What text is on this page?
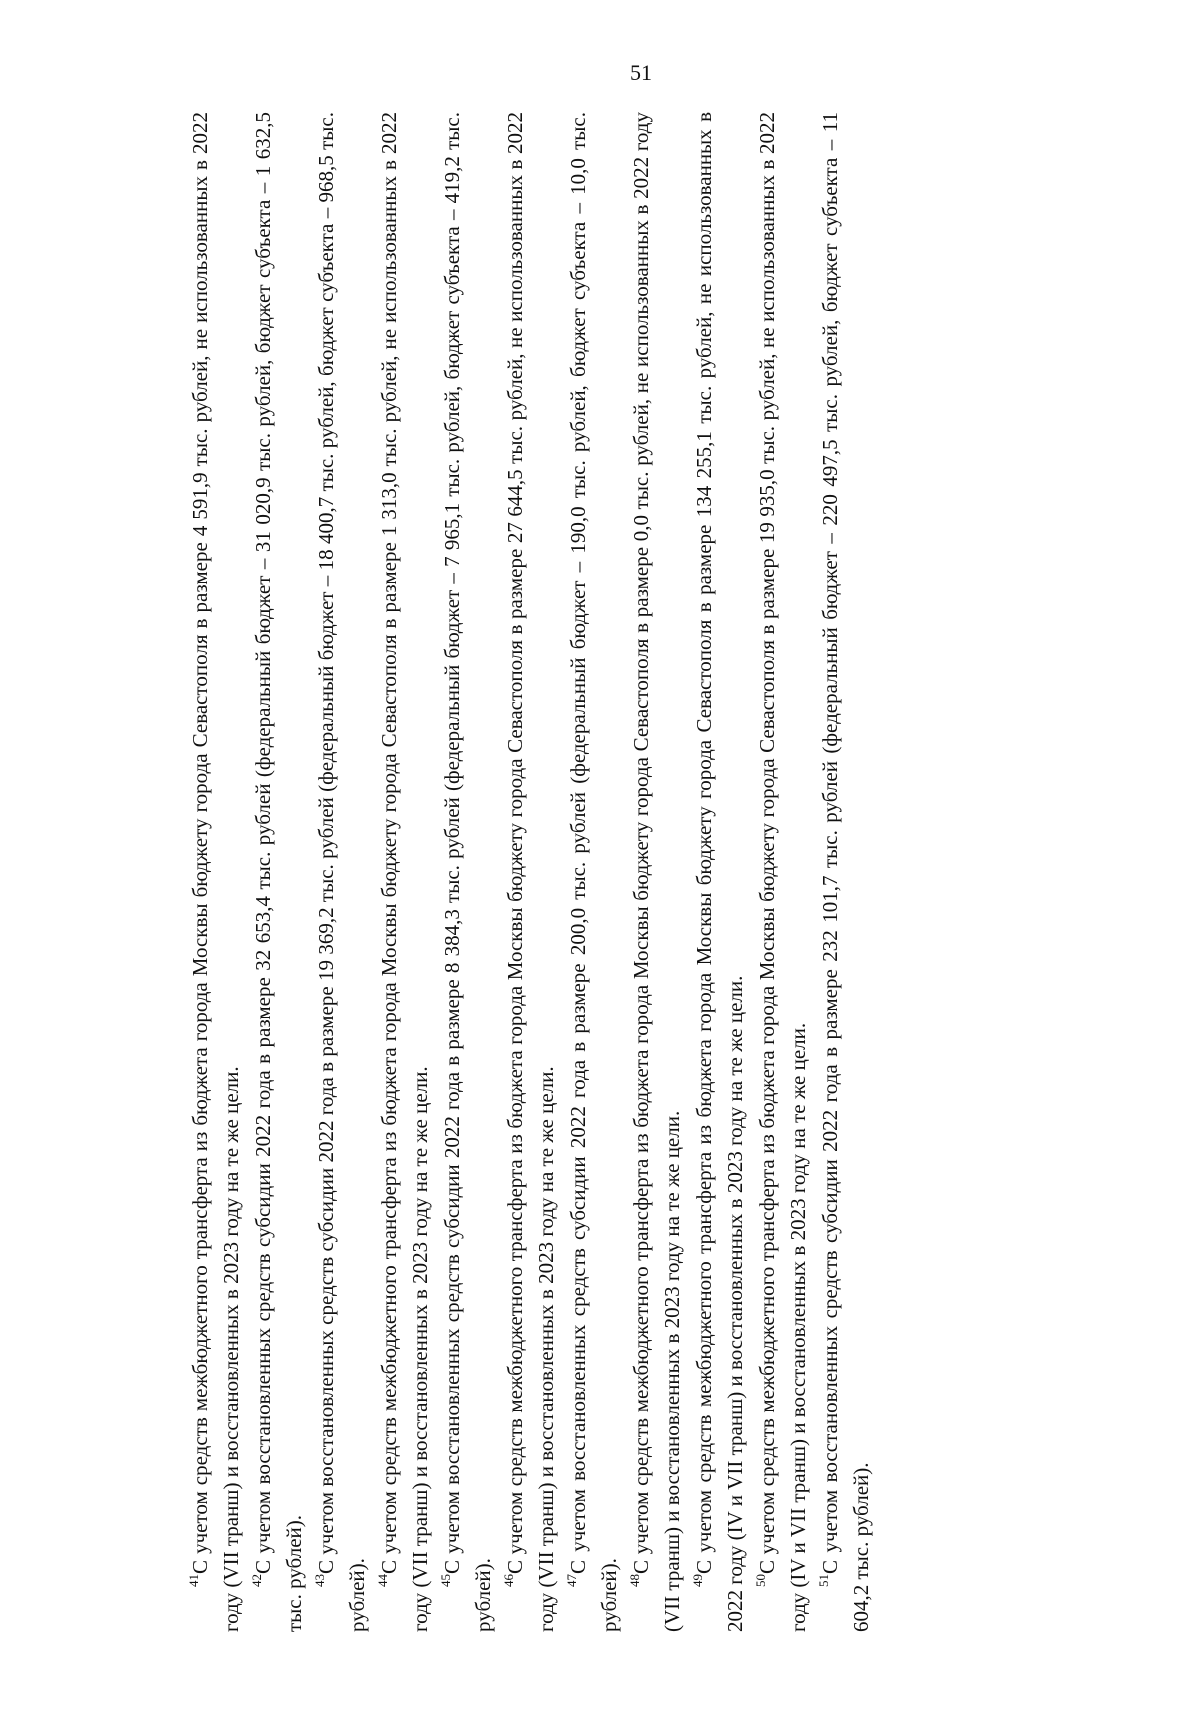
51

$^{41}$С учетом средств межбюджетного трансферта из бюджета города Москвы бюджету города Севастополя в размере 4 591,9 тыс. рублей, не использованных в 2022 году (VII транш) и восстановленных в 2023 году на те же цели. $^{42}$С учетом восстановленных средств субсидии 2022 года в размере 32 653,4 тыс. рублей (федеральный бюджет – 31 020,9 тыс. рублей, бюджет субъекта – 1 632,5 тыс. рублей). $^{43}$С учетом восстановленных средств субсидии 2022 года в размере 19 369,2 тыс. рублей (федеральный бюджет – 18 400,7 тыс. рублей, бюджет субъекта – 968,5 тыс. рублей). $^{44}$С учетом средств межбюджетного трансферта из бюджета города Москвы бюджету города Севастополя в размере 1 313,0 тыс. рублей, не использованных в 2022 году (VII транш) и восстановленных в 2023 году на те же цели. $^{45}$С учетом восстановленных средств субсидии 2022 года в размере 8 384,3 тыс. рублей (федеральный бюджет – 7 965,1 тыс. рублей, бюджет субъекта – 419,2 тыс. рублей). $^{46}$С учетом средств межбюджетного трансферта из бюджета города Москвы бюджету города Севастополя в размере 27 644,5 тыс. рублей, не использованных в 2022 году (VII транш) и восстановленных в 2023 году на те же цели. $^{47}$С учетом восстановленных средств субсидии 2022 года в размере 200,0 тыс. рублей (федеральный бюджет – 190,0 тыс. рублей, бюджет субъекта – 10,0 тыс. рублей). $^{48}$С учетом средств межбюджетного трансферта из бюджета города Москвы бюджету города Севастополя в размере 0,0 тыс. рублей, не использованных в 2022 году (VII транш) и восстановленных в 2023 году на те же цели. $^{49}$С учетом средств межбюджетного трансферта из бюджета города Москвы бюджету города Севастополя в размере 134 255,1 тыс. рублей, не использованных в 2022 году (IV и VII транш) и восстановленных в 2023 году на те же цели. $^{50}$С учетом средств межбюджетного трансферта из бюджета города Москвы бюджету города Севастополя в размере 19 935,0 тыс. рублей, не использованных в 2022 году (IV и VII транш) и восстановленных в 2023 году на те же цели. $^{51}$С учетом восстановленных средств субсидии 2022 года в размере 232 101,7 тыс. рублей (федеральный бюджет – 220 497,5 тыс. рублей, бюджет субъекта – 11 604,2 тыс. рублей).
